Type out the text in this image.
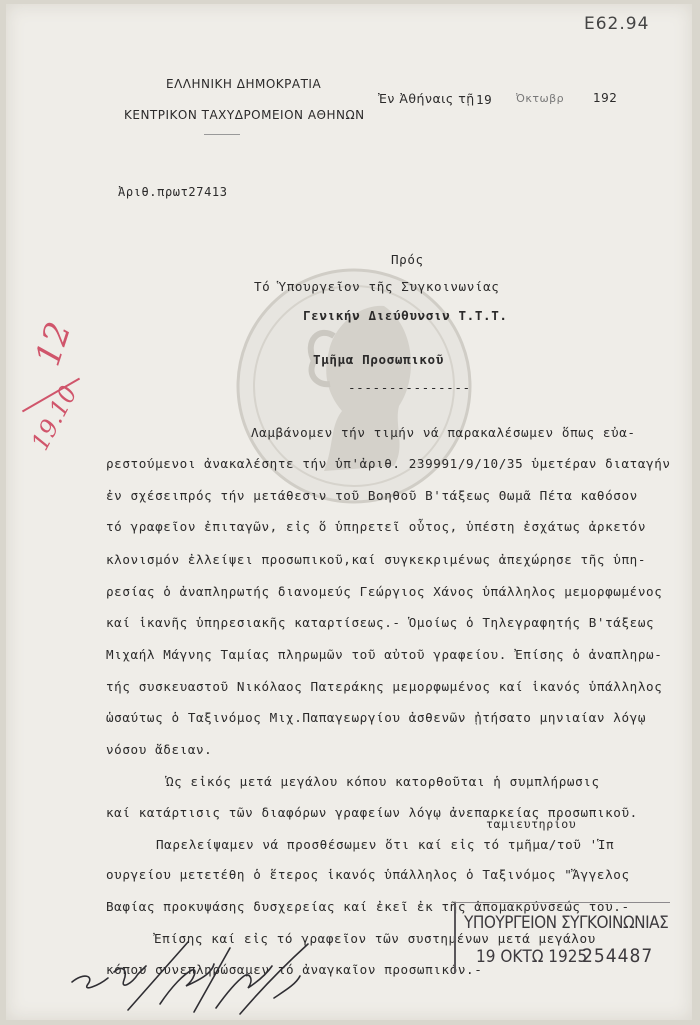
Ε62.94
ΕΛΛΗΝΙΚΗ ΔΗΜΟΚΡΑΤΙΑ
ΚΕΝΤΡΙΚΟΝ ΤΑΧΥΔΡΟΜΕΙΟΝ ΑΘΗΝΩΝ
Ἐν Ἀθήναις τῇ 19 Ὀκτωβρ 192
Ἀριθ.πρωτ27413
12
19.10
Πρός
Τό Ὑπουργεῖον τῆς Συγκοινωνίας
Γενικήν Διεύθυνσιν Τ.Τ.Τ.
Τμῆμα Προσωπικοῦ
---------------
Λαμβάνομεν τήν τιμήν νά παρακαλέσωμεν ὅπως εὐα-
ρεστούμενοι ἀνακαλέσητε τήν ὑπ'ἀριθ. 239991/9/10/35 ὑμετέραν διαταγήν
ἐν σχέσειπρός τήν μετάθεσιν τοῦ Βοηθοῦ Β'τάξεως Θωμᾶ Πέτα καθόσον
τό γραφεῖον ἐπιταγῶν, εἰς ὅ ὑπηρετεῖ οὗτος, ὑπέστη ἐσχάτως ἀρκετόν
κλονισμόν ἐλλείψει προσωπικοῦ,καί συγκεκριμένως ἀπεχώρησε τῆς ὑπη-
ρεσίας ὁ ἀναπληρωτής διανομεύς Γεώργιος Χάνος ὑπάλληλος μεμορφωμένος
καί ἱκανῆς ὑπηρεσιακῆς καταρτίσεως.- Ὁμοίως ὁ Τηλεγραφητής Β'τάξεως
Μιχαήλ Μάγνης Ταμίας πληρωμῶν τοῦ αὐτοῦ γραφείου. Ἐπίσης ὁ ἀναπληρω-
τής συσκευαστοῦ Νικόλαος Πατεράκης μεμορφωμένος καί ἱκανός ὑπάλληλος
ὡσαύτως ὁ Ταξινόμος Μιχ.Παπαγεωργίου ἀσθενῶν ᾐτήσατο μηνιαίαν λόγῳ
νόσου ἄδειαν.
Ὡς εἰκός μετά μεγάλου κόπου κατορθοῦται ἡ συμπλήρωσις
καί κατάρτισις τῶν διαφόρων γραφείων λόγῳ ἀνεπαρκείας προσωπικοῦ.
ταμιευτηρίου
Παρελείψαμεν νά προσθέσωμεν ὅτι καί εἰς τό τμῆμα/τοῦ 'Ἱπ
ουργείου μετετέθη ὁ ἕτερος ἱκανός ὑπάλληλος ὁ Ταξινόμος "Ἄγγελος
Βαφίας προκυψάσης δυσχερείας καί ἐκεῖ ἐκ τῆς ἀπομακρύνσεώς του.-
Ἐπίσης καί εἰς τό γραφεῖον τῶν συστημένων μετά μεγάλου
κόπου συνεπληρώσαμεν τό ἀναγκαῖον προσωπικόν.-
ΥΠΟΥΡΓΕΙΟΝ ΣΥΓΚΟΙΝΩΝΙΑΣ
19 ΟΚΤΩ 1925
254487
